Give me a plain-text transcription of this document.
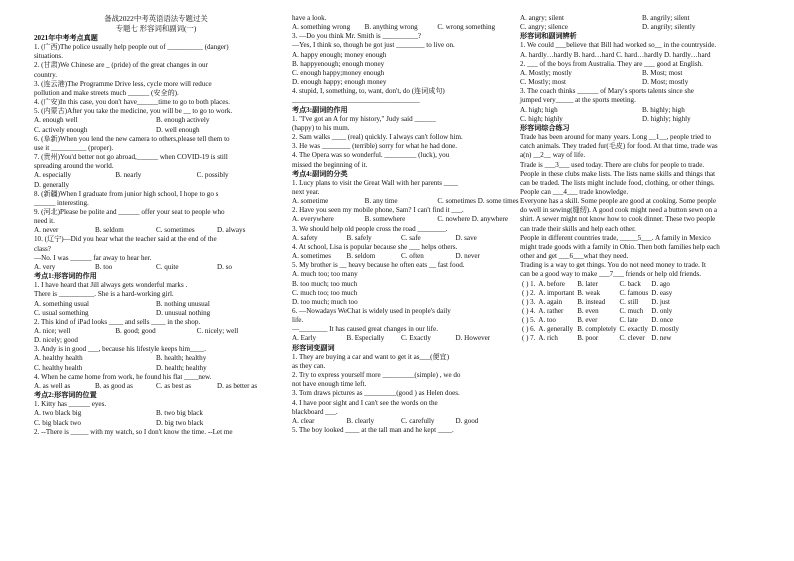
备战2022中考英语语法专题过关
专题七 形容词和副词(一)
2021年中考考点真题
1. (广西)The police usually help people out of __________ (danger)
situations.
2. (甘肃)We Chinese are _ (pride) of the great changes in our
country.
3. (连云港)The Programme Drive less, cycle more will reduce
pollution and make streets much ______ (安全的).
4. (广安)In this case, you don't have______time to go to both places.
5. (内蒙古)After you take the medicine, you will be __ to go to work.
A. enough well	B. enough actively
C. actively enough	D. well enough
6. (阜新)When you lend the new camera to others,please tell them to
use it __________ (proper).
7. (贵州)You'd better not go abroad,______ when COVID-19 is still
spreading around the world.
A. especially	B. nearly	C. possibly
D. generally
8. (新疆)When I graduate from junior high school, I hope to go s
______ interesting.
9. (河北)Please be polite and ______ offer your seat to people who
need it.
A. never	B. seldom	C. sometimes	D. always
10. (辽宁)—Did you hear what the teacher said at the end of the
class?
—No. I was ______ far away to hear her.
A. very	B. too	C. quite	D. so
考点1:形容词的作用
1. I have heard that Jill always gets wonderful marks .
There is __________. She is a hard-working girl.
A. something usual	B. nothing unusual
C. usual something	D. unusual nothing
2. This kind of iPad looks ____ and sells ____ in the shop.
A. nice; well	B. good; good	C. nicely; well
D. nicely; good
3. Andy is in good ___, because his lifestyle keeps him____.
A. healthy health	B. health; healthy
C. healthy health	D. health; healthy
4. When he came home from work, he found his flat ____new.
A. as well as	B. as good as	C. as best as	D. as better as
考点2:形容词的位置
1. Kitty has ______ eyes.
A. two black big	B. two big black
C. big black two	D. big two black
2. --There is _____ with my watch, so I don't know the time. --Let me
have a look.
A. something wrong	B. anything wrong	C. wrong something
3. —Do you think Mr. Smith is __________?
—Yes, I think so, though he got just ________ to live on.
A. happy enough; money enough
B. happyenough; enough money
C. enough happy;money enough
D. enough happy; enough money
4. stupid, I, something, to, want, don't, do (连词成句)
____________________________________
考点3:副词的作用
1. "I've got an A for my history," Judy said ______
(happy) to his mum.
2. Sam walks ____ (real) quickly. I always can't follow him.
3. He was ________ (terrible) sorry for what he had done.
4. The Opera was so wonderful. _________ (luck), you
missed the beginning of it.
考点4:副词的分类
1. Lucy plans to visit the Great Wall with her parents ____
next year.
A. sometime	B. any time	C. sometimes D. some times
2. Have you seen my mobile phone, Sam? I can't find it ___.
A. everywhere	B. somewhere	C. nowhere D. anywhere
3. We should help old people cross the road ________.
A. safety	B. safely	C. safe	D. save
4. At school, Lisa is popular because she ___ helps others.
A. sometimes	B. seldom	C. often	D. never
5. My brother is __ heavy because he often eats __ fast food.
A. much too; too many
B. too much; too much
C. much too; too much
D. too much; much too
6. —Nowadays WeChat is widely used in people's daily
life.
—________ It has caused great changes in our life.
A. Early	B. Especially	C. Exactly	D. However
形容词变副词
1. They are buying a car and want to get it as___(便宜)
as they can.
2. Try to express yourself more _________(simple) , we do
not have enough time left.
3. Tom draws pictures as _________(good ) as Helen does.
4. I have poor sight and I can't see the words on the
blackboard ___.
A. clear	B. clearly	C. carefully	D. good
5. The boy looked ____ at the tall man and he kept ____.
A. angry; silent	B. angrily; silent
C. angry; silence	D. angrily; silently
形容词和副词辨析
1. We could ___believe that Bill had worked so__ in the countryside.
A. hardly…hardly B. hard…hard C. hard…hardly D. hardly…hard
2. ___ of the boys from Australia. They are ___ good at English.
A. Mostly; mostly	B. Most; most
C. Mostly; most	D. Most; mostly
3. The coach thinks ______ of Mary's sports talents since she
jumped very_____ at the sports meeting.
A. high; high	B. highly; high
C. high; highly	D. highly; highly
形容词综合练习
Trade has been around for many years. Long __1__, people tried to
catch animals. They traded fur(毛皮) for food. At that time, trade was
a(n) __2__ way of life.
Trade is ___3___ used today. There are clubs for people to trade.
People in these clubs make lists. The lists name skills and things that
can be traded. The lists might include food, clothing, or other things.
People can ___4___ trade knowledge.
Everyone has a skill. Some people are good at cooking. Some people
do well in sewing(缝纫). A good cook might need a button sewn on a
shirt. A sewer might not know how to cook dinner. These two people
can trade their skills and help each other.
People in different countries trade, _____5___. A family in Mexico
might trade goods with a family in Ohio. Then both families help each
other and get ___6___what they need.
Trading is a way to get things. You do not need money to trade. It
can be a good way to make ___7___ friends or help old friends.
( ) 1.	A. before	B. later	C. back	D. ago
( ) 2.	A. important	B. weak	C. famous	D. easy
( ) 3.	A. again	B. instead	C. still	D. just
( ) 4.	A. rather	B. even	C. much	D. only
( ) 5.	A. too	B. ever	C. late	D. once
( ) 6.	A. generally	B. completely	C. exactly	D. mostly
( ) 7.	A. rich	B. poor	C. clever	D. new
